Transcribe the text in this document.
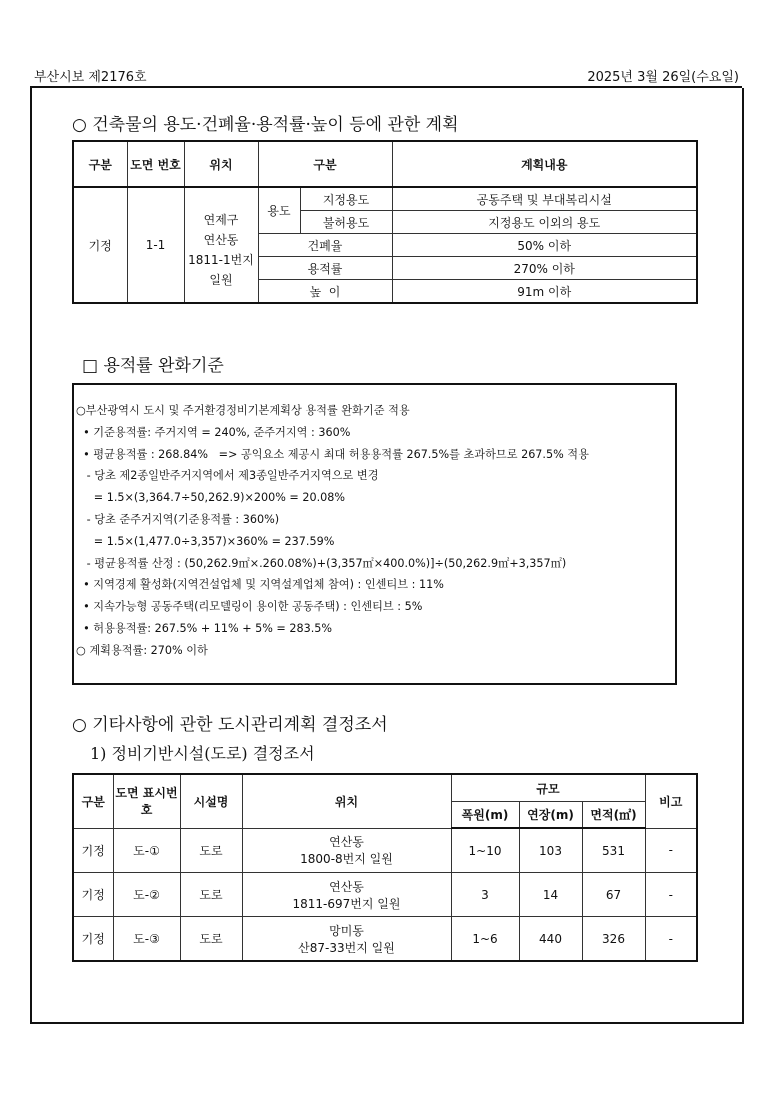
부산시보 제2176호	2025년 3월 26일(수요일)
○ 건축물의 용도·건폐율·용적률·높이 등에 관한 계획
구분	도면 번호	위치	구분		계획내용
기정	1-1	연제구
연산동
1811-1번지
일원	용도	지정용도	공동주택 및 부대복리시설
				불허용도	지정용도 이외의 용도
			건폐율		50% 이하
			용적률		270% 이하
			높  이		91m 이하
□ 용적률 완화기준
○부산광역시 도시 및 주거환경정비기본계획상 용적률 완화기준 적용
• 기준용적률: 주거지역 = 240%, 준주거지역 : 360%
• 평균용적률 : 268.84%   => 공익요소 제공시 최대 허용용적률 267.5%를 초과하므로 267.5% 적용
- 당초 제2종일반주거지역에서 제3종일반주거지역으로 변경
= 1.5×(3,364.7÷50,262.9)×200% = 20.08%
- 당초 준주거지역(기준용적률 : 360%)
= 1.5×(1,477.0÷3,357)×360% = 237.59%
- 평균용적률 산정 : (50,262.9㎡×.260.08%)+(3,357㎡×400.0%)]÷(50,262.9㎡+3,357㎡)
• 지역경제 활성화(지역건설업체 및 지역설계업체 참여) : 인센티브 : 11%
• 지속가능형 공동주택(리모델링이 용이한 공동주택) : 인센티브 : 5%
• 허용용적률: 267.5% + 11% + 5% = 283.5%
○ 계획용적률: 270% 이하
○ 기타사항에 관한 도시관리계획 결정조서
1) 정비기반시설(도로) 결정조서
구분	도면 표시번호	시설명	위치	규모			비고
				폭원(m)	연장(m)	면적(㎡)	
기정	도-①	도로	연산동
1800-8번지 일원	1~10	103	531	-
기정	도-②	도로	연산동
1811-697번지 일원	3	14	67	-
기정	도-③	도로	망미동
산87-33번지 일원	1~6	440	326	-
